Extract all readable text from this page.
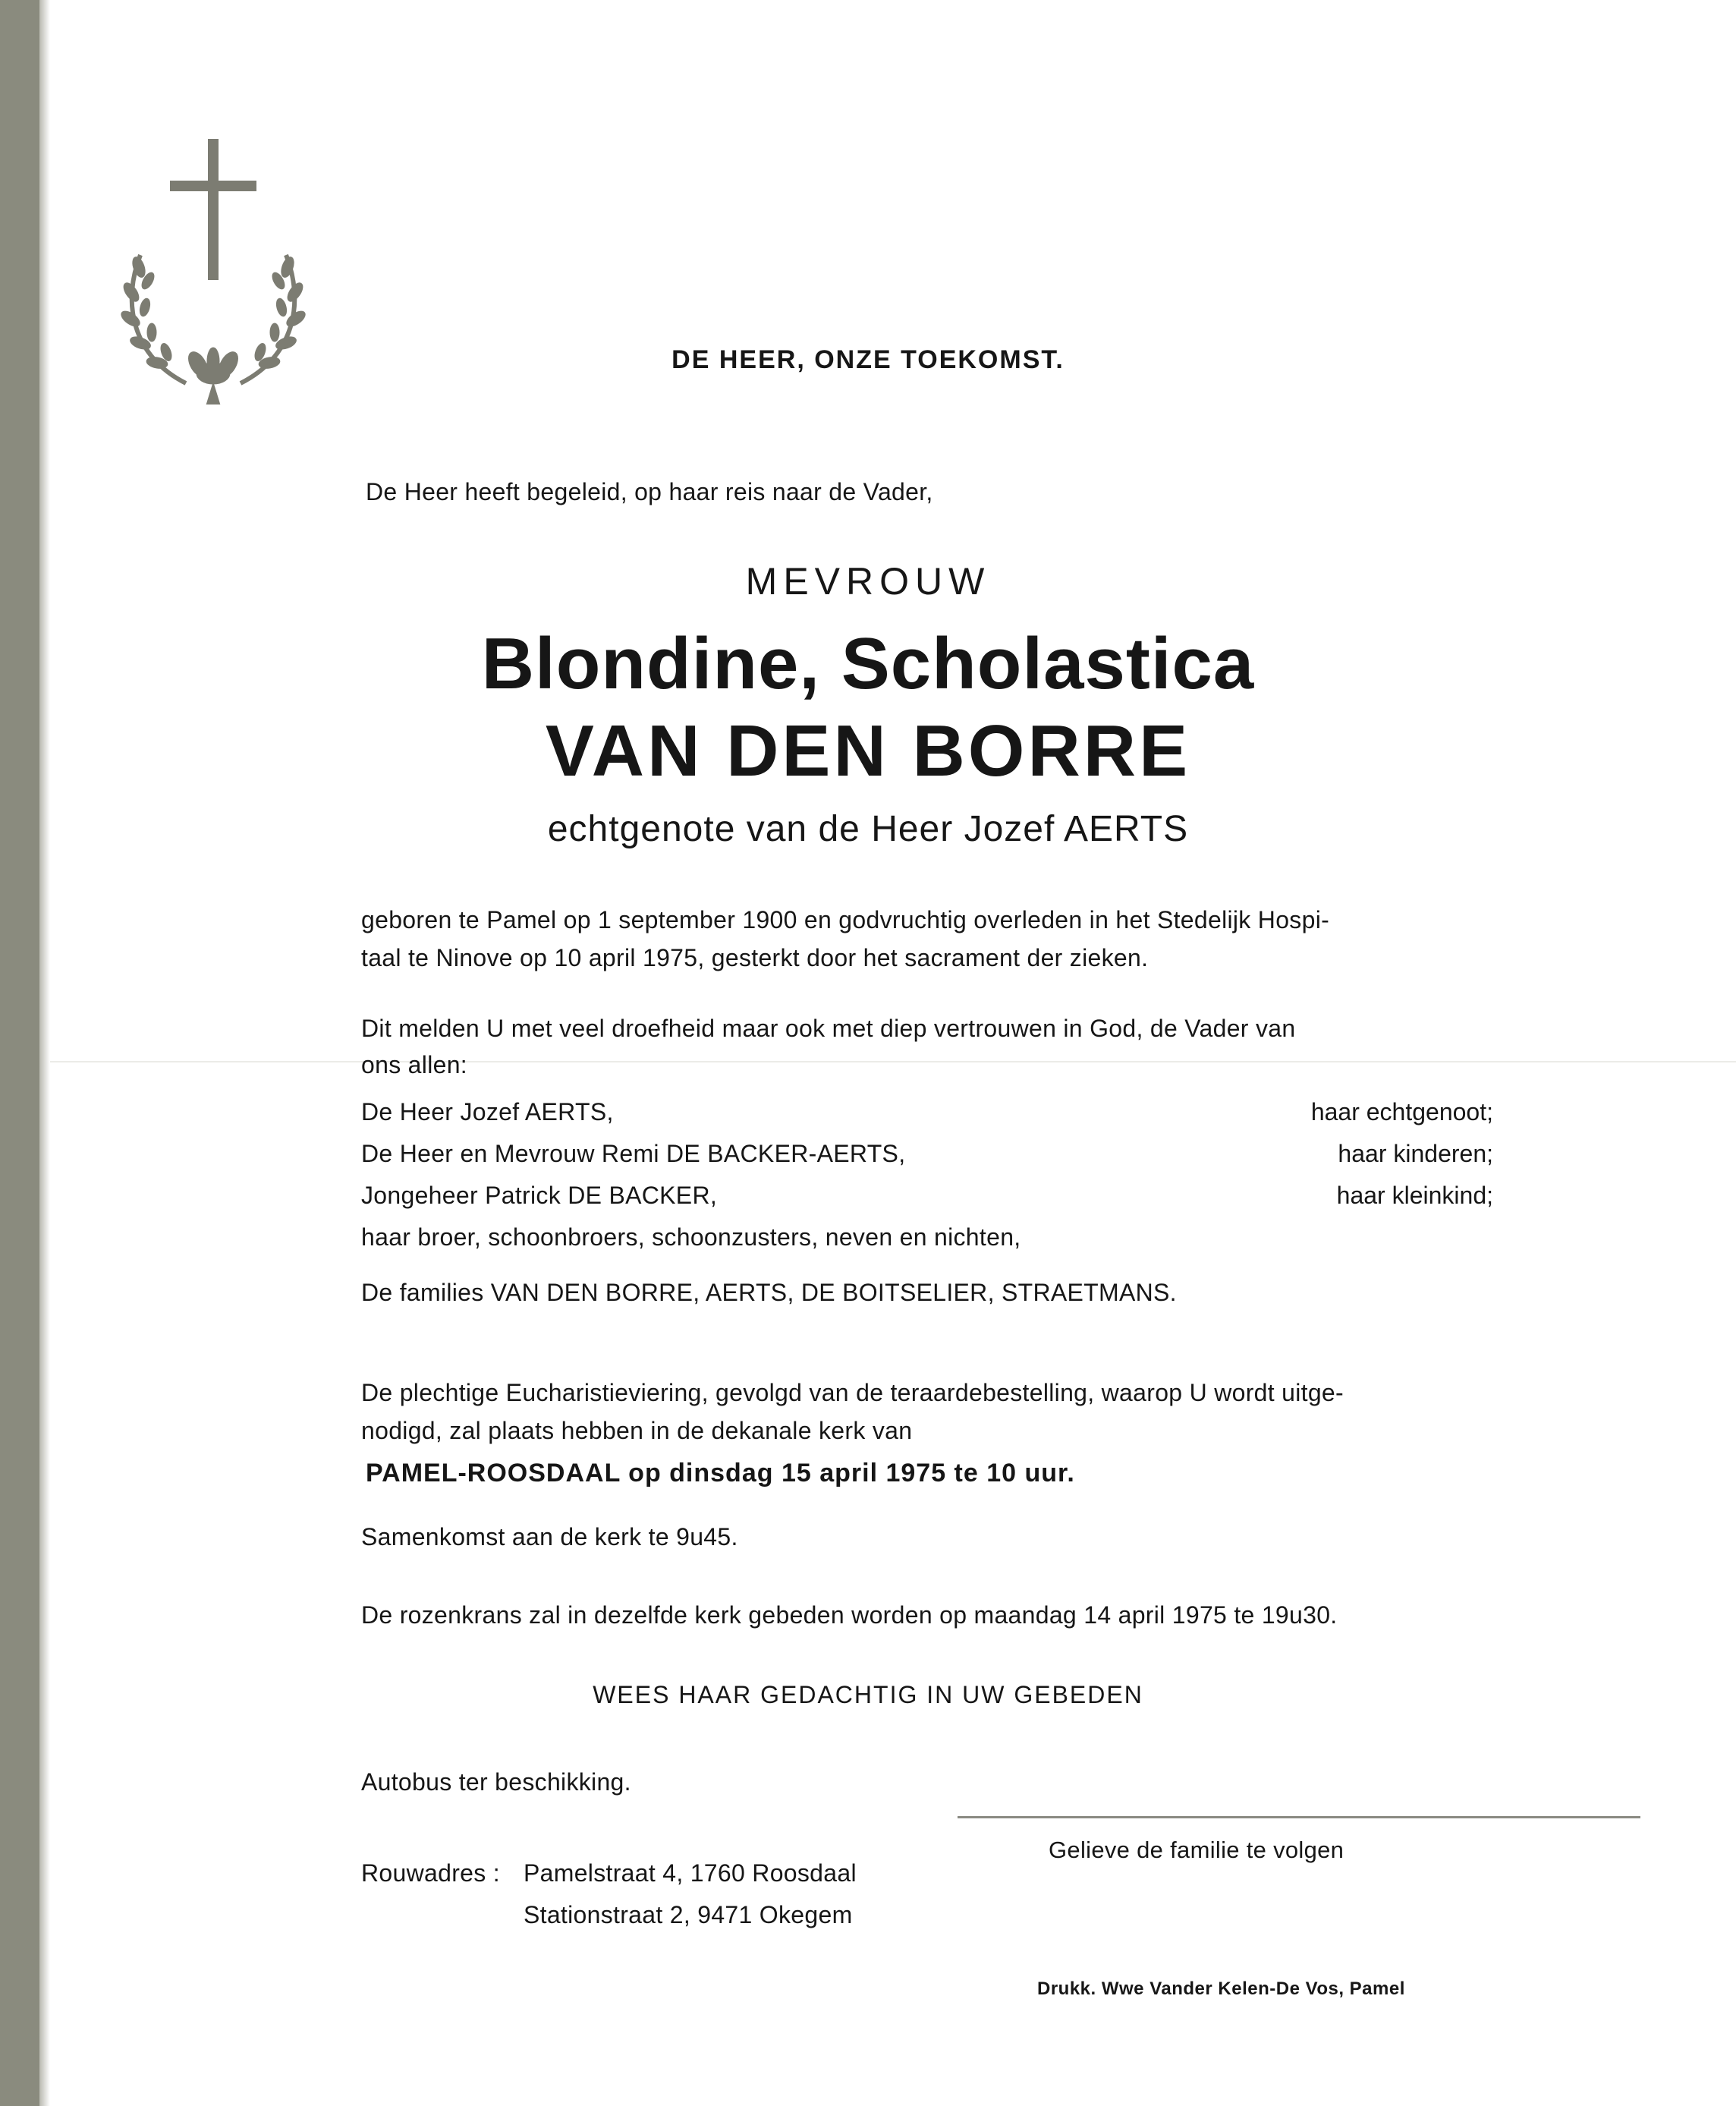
DE HEER, ONZE TOEKOMST.
De Heer heeft begeleid, op haar reis naar de Vader,
MEVROUW
Blondine, Scholastica
VAN DEN BORRE
echtgenote van de Heer Jozef AERTS
geboren te Pamel op 1 september 1900 en godvruchtig overleden in het Stedelijk Hospi-
taal te Ninove op 10 april 1975, gesterkt door het sacrament der zieken.
Dit melden U met veel droefheid maar ook met diep vertrouwen in God, de Vader van
ons allen:
De Heer Jozef AERTS,	haar echtgenoot;
De Heer en Mevrouw Remi DE BACKER-AERTS,	haar kinderen;
Jongeheer Patrick DE BACKER,	haar kleinkind;
haar broer, schoonbroers, schoonzusters, neven en nichten,
De families VAN DEN BORRE, AERTS, DE BOITSELIER, STRAETMANS.
De plechtige Eucharistieviering, gevolgd van de teraardebestelling, waarop U wordt uitge-
nodigd, zal plaats hebben in de dekanale kerk van
PAMEL-ROOSDAAL op dinsdag 15 april 1975 te 10 uur.
Samenkomst aan de kerk te 9u45.
De rozenkrans zal in dezelfde kerk gebeden worden op maandag 14 april 1975 te 19u30.
WEES HAAR GEDACHTIG IN UW GEBEDEN
Autobus ter beschikking.
Gelieve de familie te volgen
Rouwadres : Pamelstraat 4, 1760 Roosdaal
Stationstraat 2, 9471 Okegem
Drukk. Wwe Vander Kelen-De Vos, Pamel
